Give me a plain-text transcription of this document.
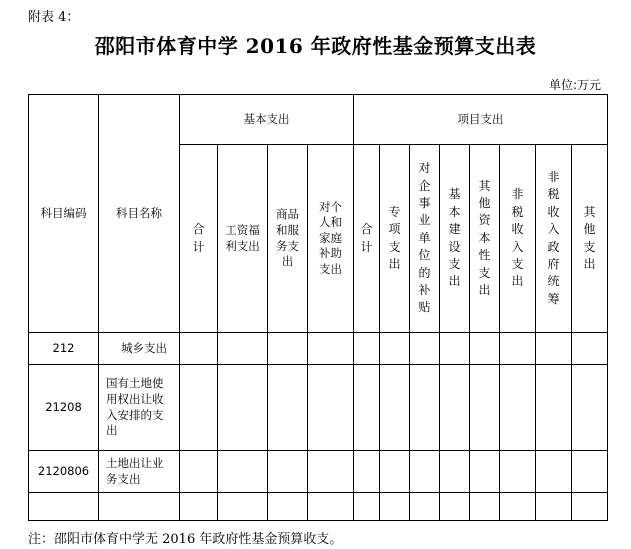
附表 4：
邵阳市体育中学 2016 年政府性基金预算支出表
单位:万元
科目编码	科目名称	基本支出				项目支出							
		合计	工资福利支出	商品和服务支出	对个人和家庭补助支出	合计	专项支出	对企事业单位的补贴	基本建设支出	其他资本性支出	非税收入支出	非税收入政府统筹	其他支出
212	城乡支出												
21208	国有土地使用权出让收入安排的支出												
2120806	土地出让业务支出												

注：邵阳市体育中学无 2016 年政府性基金预算收支。
